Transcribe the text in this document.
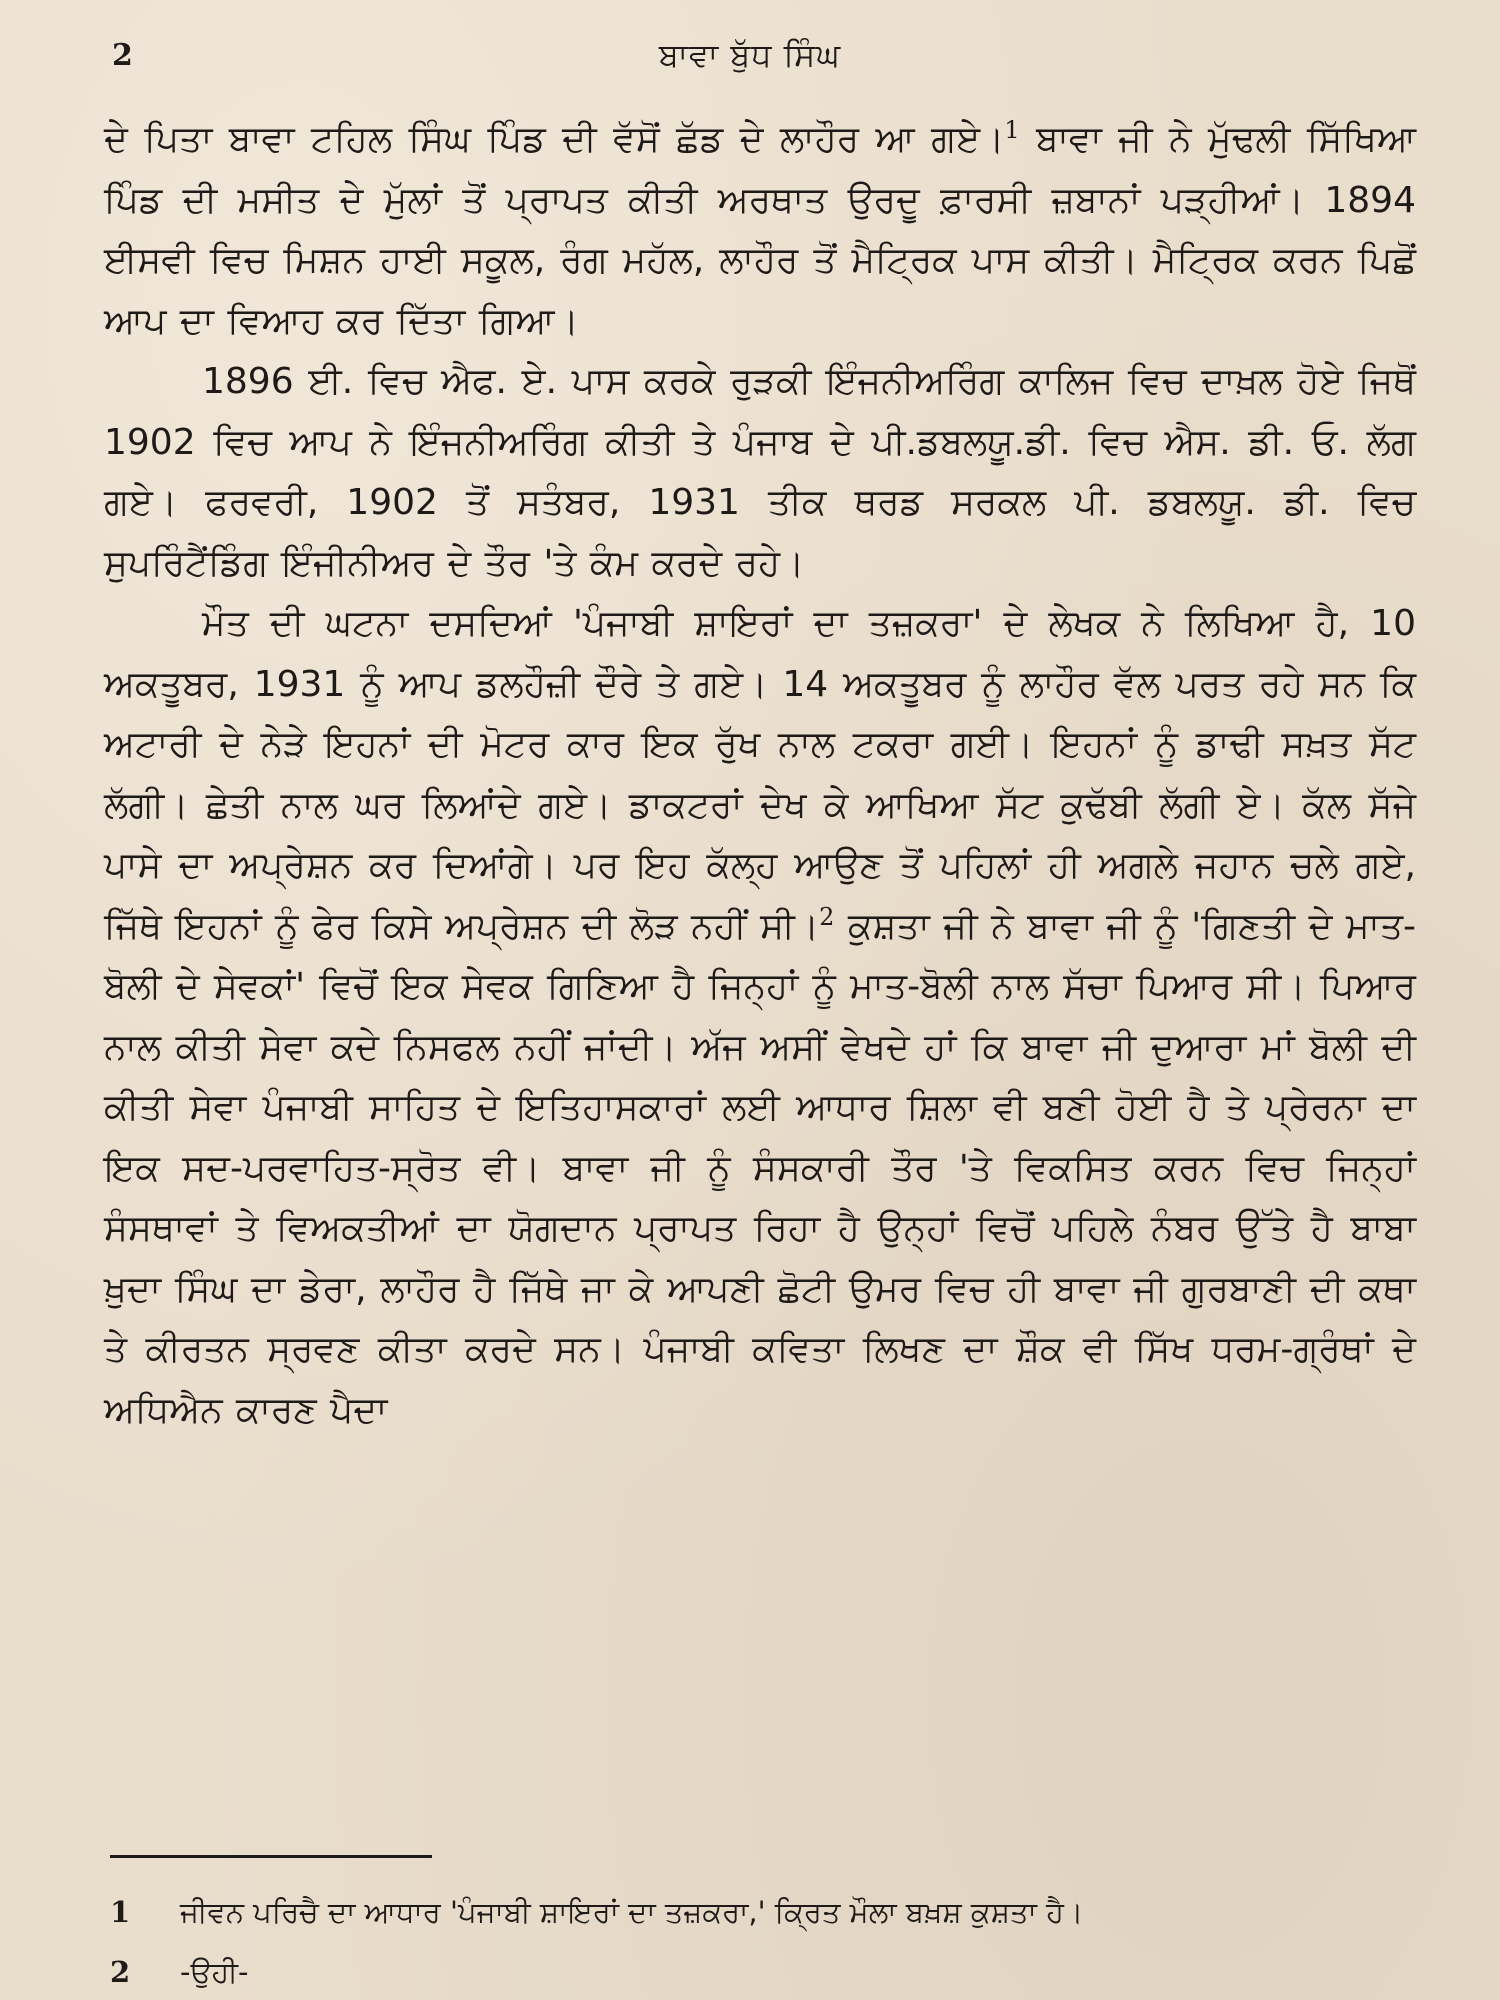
2	ਬਾਵਾ ਬੁੱਧ ਸਿੰਘ

ਦੇ ਪਿਤਾ ਬਾਵਾ ਟਹਿਲ ਸਿੰਘ ਪਿੰਡ ਦੀ ਵੱਸੋਂ ਛੱਡ ਦੇ ਲਾਹੌਰ ਆ ਗਏ।$^1$ ਬਾਵਾ ਜੀ ਨੇ ਮੁੱਢਲੀ ਸਿੱਖਿਆ ਪਿੰਡ ਦੀ ਮਸੀਤ ਦੇ ਮੁੱਲਾਂ ਤੋਂ ਪ੍ਰਾਪਤ ਕੀਤੀ ਅਰਥਾਤ ਉਰਦੂ ਫ਼ਾਰਸੀ ਜ਼ਬਾਨਾਂ ਪੜ੍ਹੀਆਂ। 1894 ਈਸਵੀ ਵਿਚ ਮਿਸ਼ਨ ਹਾਈ ਸਕੂਲ, ਰੰਗ ਮਹੱਲ, ਲਾਹੌਰ ਤੋਂ ਮੈਟ੍ਰਿਕ ਪਾਸ ਕੀਤੀ। ਮੈਟ੍ਰਿਕ ਕਰਨ ਪਿਛੋਂ ਆਪ ਦਾ ਵਿਆਹ ਕਰ ਦਿੱਤਾ ਗਿਆ।

1896 ਈ. ਵਿਚ ਐਫ. ਏ. ਪਾਸ ਕਰਕੇ ਰੁੜਕੀ ਇੰਜਨੀਅਰਿੰਗ ਕਾਲਿਜ ਵਿਚ ਦਾਖ਼ਲ ਹੋਏ ਜਿਥੋਂ 1902 ਵਿਚ ਆਪ ਨੇ ਇੰਜਨੀਅਰਿੰਗ ਕੀਤੀ ਤੇ ਪੰਜਾਬ ਦੇ ਪੀ.ਡਬਲਯੂ.ਡੀ. ਵਿਚ ਐਸ. ਡੀ. ਓ. ਲੱਗ ਗਏ। ਫਰਵਰੀ, 1902 ਤੋਂ ਸਤੰਬਰ, 1931 ਤੀਕ ਥਰਡ ਸਰਕਲ ਪੀ. ਡਬਲਯੂ. ਡੀ. ਵਿਚ ਸੁਪਰਿੰਟੈਂਡਿੰਗ ਇੰਜੀਨੀਅਰ ਦੇ ਤੌਰ 'ਤੇ ਕੰਮ ਕਰਦੇ ਰਹੇ।

ਮੌਤ ਦੀ ਘਟਨਾ ਦਸਦਿਆਂ 'ਪੰਜਾਬੀ ਸ਼ਾਇਰਾਂ ਦਾ ਤਜ਼ਕਰਾ' ਦੇ ਲੇਖਕ ਨੇ ਲਿਖਿਆ ਹੈ, 10 ਅਕਤੂਬਰ, 1931 ਨੂੰ ਆਪ ਡਲਹੌਜ਼ੀ ਦੌਰੇ ਤੇ ਗਏ। 14 ਅਕਤੂਬਰ ਨੂੰ ਲਾਹੌਰ ਵੱਲ ਪਰਤ ਰਹੇ ਸਨ ਕਿ ਅਟਾਰੀ ਦੇ ਨੇੜੇ ਇਹਨਾਂ ਦੀ ਮੋਟਰ ਕਾਰ ਇਕ ਰੁੱਖ ਨਾਲ ਟਕਰਾ ਗਈ। ਇਹਨਾਂ ਨੂੰ ਡਾਢੀ ਸਖ਼ਤ ਸੱਟ ਲੱਗੀ। ਛੇਤੀ ਨਾਲ ਘਰ ਲਿਆਂਦੇ ਗਏ। ਡਾਕਟਰਾਂ ਦੇਖ ਕੇ ਆਖਿਆ ਸੱਟ ਕੁਢੱਬੀ ਲੱਗੀ ਏ। ਕੱਲ ਸੱਜੇ ਪਾਸੇ ਦਾ ਅਪ੍ਰੇਸ਼ਨ ਕਰ ਦਿਆਂਗੇ। ਪਰ ਇਹ ਕੱਲ੍ਹ ਆਉਣ ਤੋਂ ਪਹਿਲਾਂ ਹੀ ਅਗਲੇ ਜਹਾਨ ਚਲੇ ਗਏ, ਜਿੱਥੇ ਇਹਨਾਂ ਨੂੰ ਫੇਰ ਕਿਸੇ ਅਪ੍ਰੇਸ਼ਨ ਦੀ ਲੋੜ ਨਹੀਂ ਸੀ।$^2$ ਕੁਸ਼ਤਾ ਜੀ ਨੇ ਬਾਵਾ ਜੀ ਨੂੰ 'ਗਿਣਤੀ ਦੇ ਮਾਤ-ਬੋਲੀ ਦੇ ਸੇਵਕਾਂ' ਵਿਚੋਂ ਇਕ ਸੇਵਕ ਗਿਣਿਆ ਹੈ ਜਿਨ੍ਹਾਂ ਨੂੰ ਮਾਤ-ਬੋਲੀ ਨਾਲ ਸੱਚਾ ਪਿਆਰ ਸੀ। ਪਿਆਰ ਨਾਲ ਕੀਤੀ ਸੇਵਾ ਕਦੇ ਨਿਸਫਲ ਨਹੀਂ ਜਾਂਦੀ। ਅੱਜ ਅਸੀਂ ਵੇਖਦੇ ਹਾਂ ਕਿ ਬਾਵਾ ਜੀ ਦੁਆਰਾ ਮਾਂ ਬੋਲੀ ਦੀ ਕੀਤੀ ਸੇਵਾ ਪੰਜਾਬੀ ਸਾਹਿਤ ਦੇ ਇਤਿਹਾਸਕਾਰਾਂ ਲਈ ਆਧਾਰ ਸ਼ਿਲਾ ਵੀ ਬਣੀ ਹੋਈ ਹੈ ਤੇ ਪ੍ਰੇਰਨਾ ਦਾ ਇਕ ਸਦ-ਪਰਵਾਹਿਤ-ਸ੍ਰੋਤ ਵੀ। ਬਾਵਾ ਜੀ ਨੂੰ ਸੰਸਕਾਰੀ ਤੌਰ 'ਤੇ ਵਿਕਸਿਤ ਕਰਨ ਵਿਚ ਜਿਨ੍ਹਾਂ ਸੰਸਥਾਵਾਂ ਤੇ ਵਿਅਕਤੀਆਂ ਦਾ ਯੋਗਦਾਨ ਪ੍ਰਾਪਤ ਰਿਹਾ ਹੈ ਉਨ੍ਹਾਂ ਵਿਚੋਂ ਪਹਿਲੇ ਨੰਬਰ ਉੱਤੇ ਹੈ ਬਾਬਾ ਖ਼ੁਦਾ ਸਿੰਘ ਦਾ ਡੇਰਾ, ਲਾਹੌਰ ਹੈ ਜਿੱਥੇ ਜਾ ਕੇ ਆਪਣੀ ਛੋਟੀ ਉਮਰ ਵਿਚ ਹੀ ਬਾਵਾ ਜੀ ਗੁਰਬਾਣੀ ਦੀ ਕਥਾ ਤੇ ਕੀਰਤਨ ਸ੍ਰਵਣ ਕੀਤਾ ਕਰਦੇ ਸਨ। ਪੰਜਾਬੀ ਕਵਿਤਾ ਲਿਖਣ ਦਾ ਸ਼ੌਕ ਵੀ ਸਿੱਖ ਧਰਮ-ਗ੍ਰੰਥਾਂ ਦੇ ਅਧਿਐਨ ਕਾਰਣ ਪੈਦਾ

1 ਜੀਵਨ ਪਰਿਚੈ ਦਾ ਆਧਾਰ 'ਪੰਜਾਬੀ ਸ਼ਾਇਰਾਂ ਦਾ ਤਜ਼ਕਰਾ,' ਕ੍ਰਿਤ ਮੌਲਾ ਬਖ਼ਸ਼ ਕੁਸ਼ਤਾ ਹੈ।
2 -ਉਹੀ-
